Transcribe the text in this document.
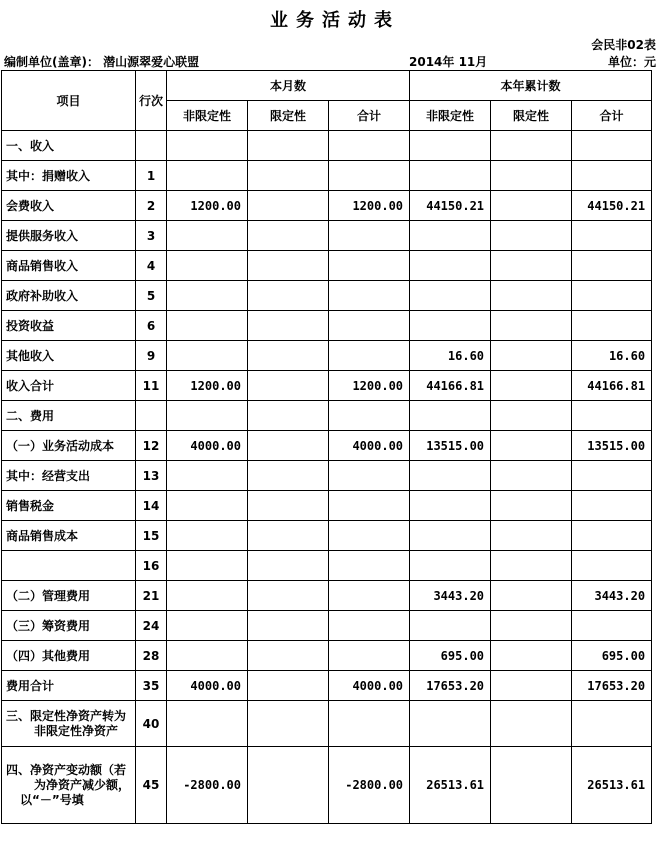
业务活动表
会民非02表
编制单位(盖章)： 潜山源翠爱心联盟	2014年 11月	单位：元
项目	行次	本月数			本年累计数		
		非限定性	限定性	合计	非限定性	限定性	合计
一、收入							
其中：捐赠收入	1						
会费收入	2	1200.00		1200.00	44150.21		44150.21
提供服务收入	3						
商品销售收入	4						
政府补助收入	5						
投资收益	6						
其他收入	9				16.60		16.60
收入合计	11	1200.00		1200.00	44166.81		44166.81
二、费用							
（一）业务活动成本	12	4000.00		4000.00	13515.00		13515.00
其中：经营支出	13						
销售税金	14						
商品销售成本	15						
	16						
（二）管理费用	21				3443.20		3443.20
（三）筹资费用	24						
（四）其他费用	28				695.00		695.00
费用合计	35	4000.00		4000.00	17653.20		17653.20
三、限定性净资产转为
非限定性净资产	40						
四、净资产变动额（若
为净资产减少额，
以“－”号填	45	-2800.00		-2800.00	26513.61		26513.61
